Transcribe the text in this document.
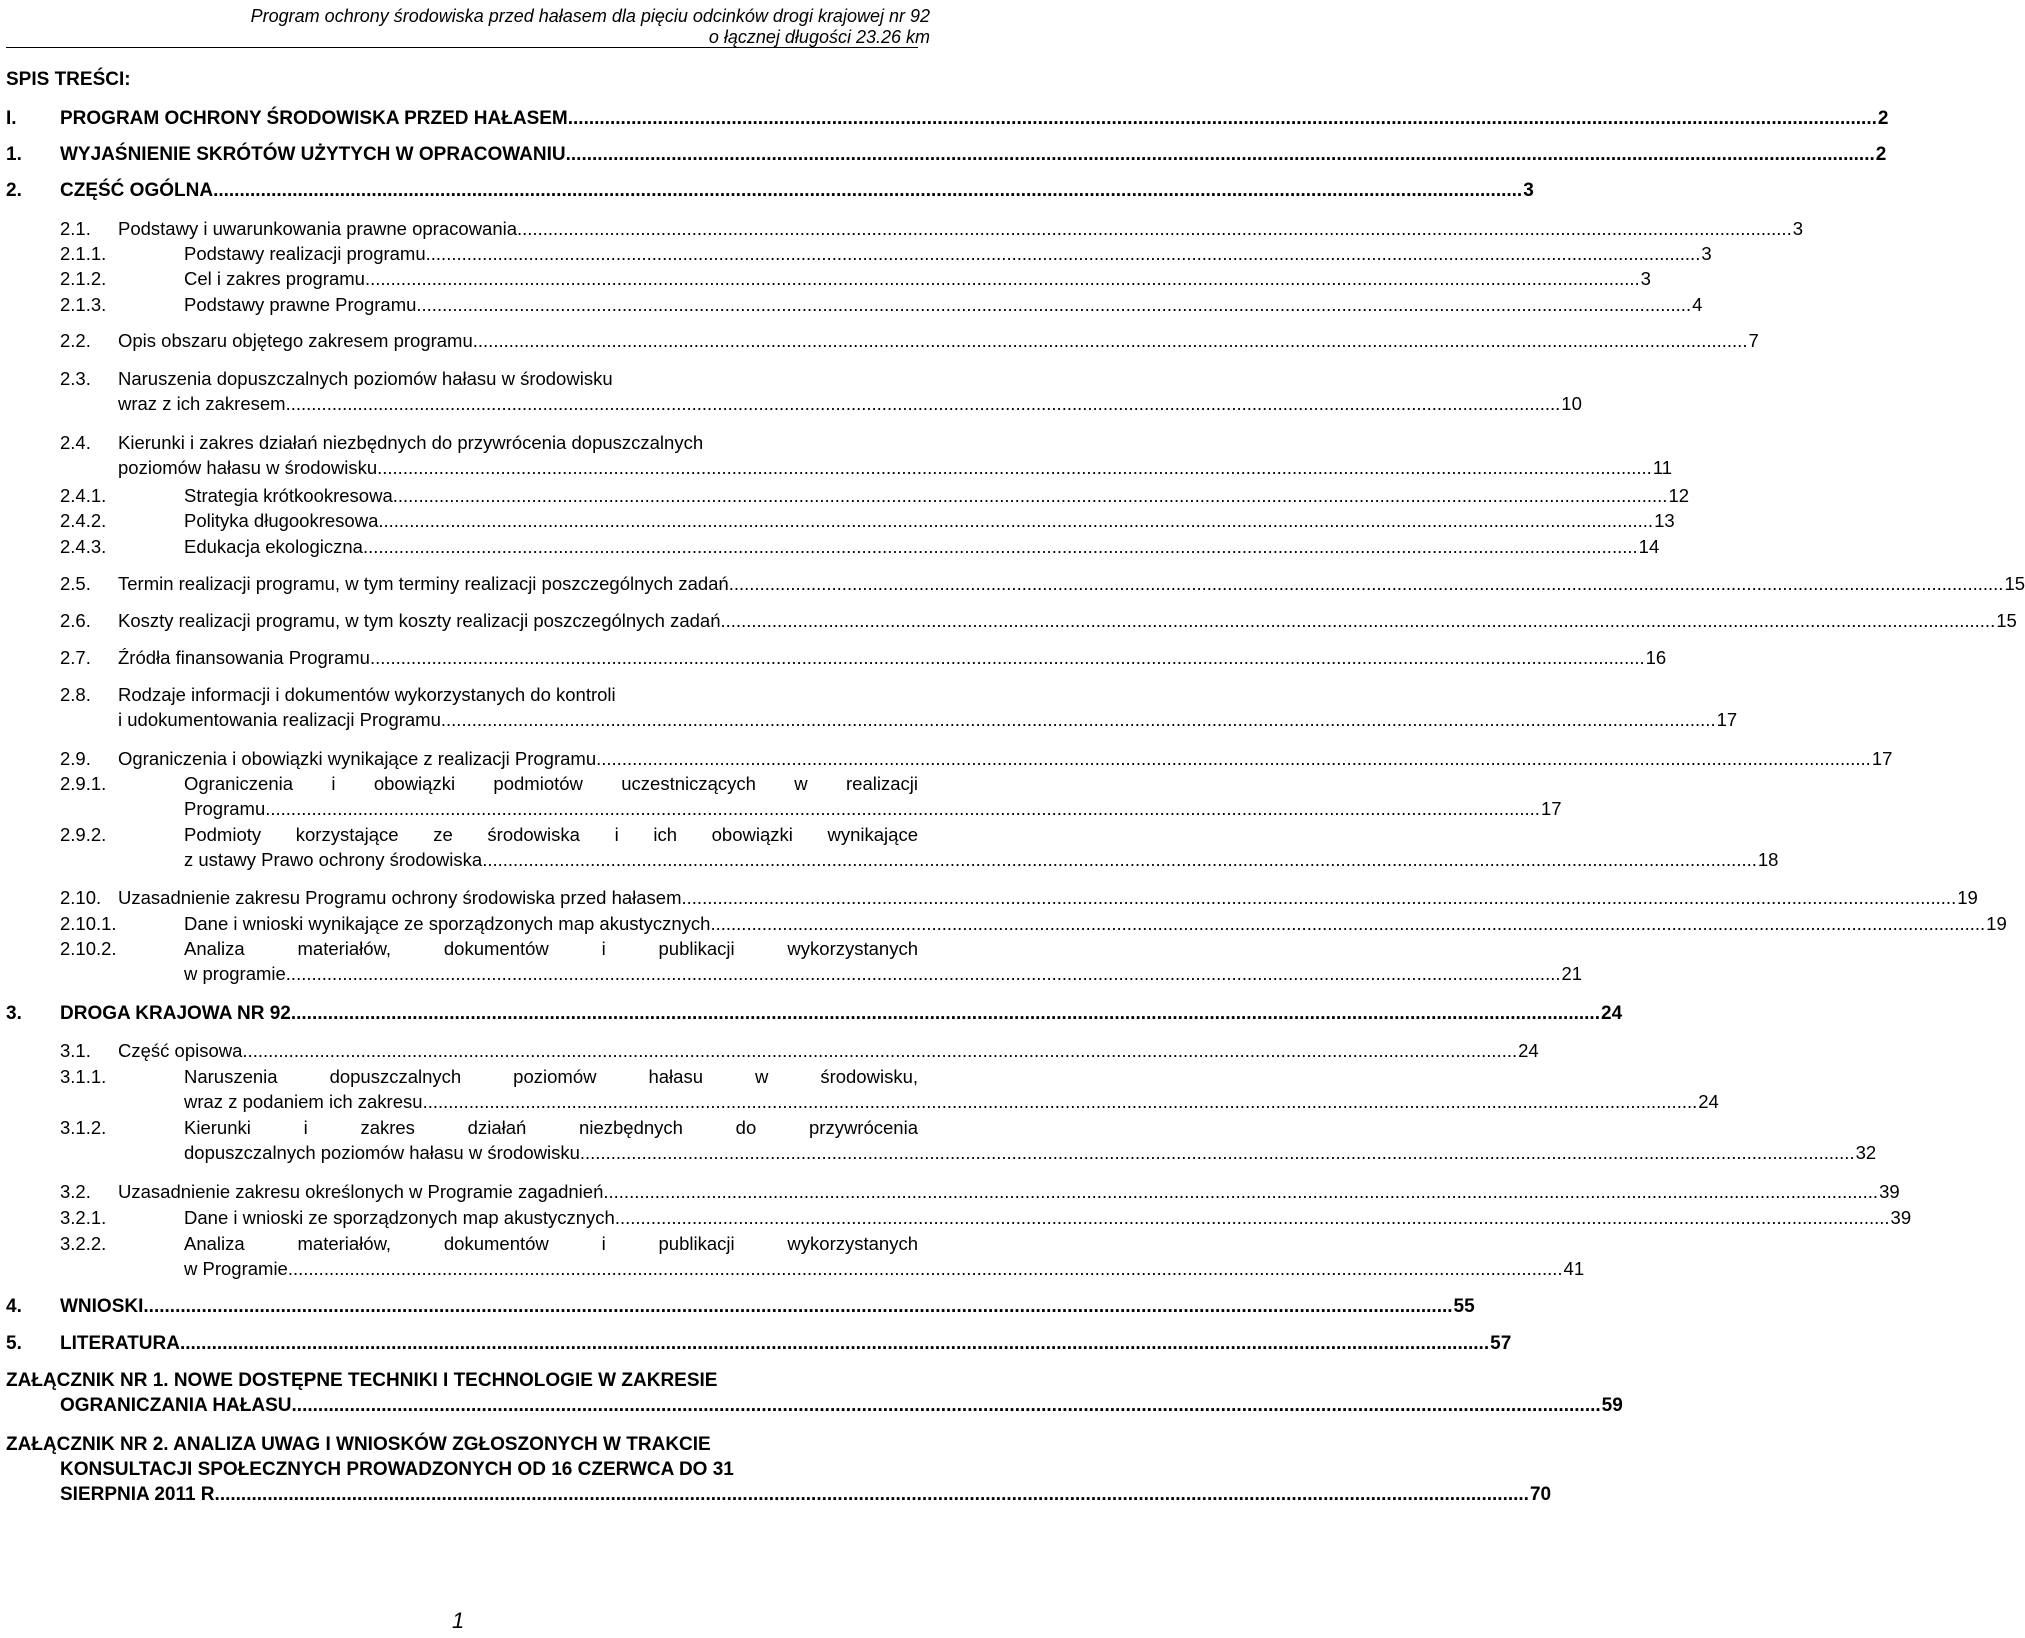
Program ochrony środowiska przed hałasem dla pięciu odcinków drogi krajowej nr 92
o łącznej długości 23.26 km
SPIS TREŚCI:
I. PROGRAM OCHRONY ŚRODOWISKA PRZED HAŁASEM .....	2
1. WYJAŚNIENIE SKRÓTÓW UŻYTYCH W OPRACOWANIU .....	2
2. CZĘŚĆ OGÓLNA .....	3
2.1. Podstawy i uwarunkowania prawne opracowania .....	3
2.1.1.	Podstawy realizacji programu .....	3
2.1.2.	Cel i zakres programu .....	3
2.1.3.	Podstawy prawne Programu .....	4
2.2. Opis obszaru objętego zakresem programu .....	7
2.3. Naruszenia dopuszczalnych poziomów hałasu w środowisku
wraz z ich zakresem .....	10
2.4. Kierunki i zakres działań niezbędnych do przywrócenia dopuszczalnych
poziomów hałasu w środowisku .....	11
2.4.1.	Strategia krótkookresowa .....	12
2.4.2.	Polityka długookresowa .....	13
2.4.3.	Edukacja ekologiczna .....	14
2.5. Termin realizacji programu, w tym terminy realizacji poszczególnych zadań .....	15
2.6. Koszty realizacji programu, w tym koszty realizacji poszczególnych zadań .....	15
2.7. Źródła finansowania Programu .....	16
2.8. Rodzaje informacji i dokumentów wykorzystanych do kontroli
i udokumentowania realizacji Programu .....	17
2.9. Ograniczenia i obowiązki wynikające z realizacji Programu .....	17
2.9.1.	Ograniczenia i obowiązki podmiotów uczestniczących w realizacji
Programu .....	17
2.9.2.	Podmioty korzystające ze środowiska i ich obowiązki wynikające
z ustawy Prawo ochrony środowiska .....	18
2.10. Uzasadnienie zakresu Programu ochrony środowiska przed hałasem .....	19
2.10.1.	Dane i wnioski wynikające ze sporządzonych map akustycznych .....	19
2.10.2.	Analiza materiałów, dokumentów i publikacji wykorzystanych
w programie .....	21
3. DROGA KRAJOWA NR 92 .....	24
3.1. Część opisowa .....	24
3.1.1.	Naruszenia dopuszczalnych poziomów hałasu w środowisku,
wraz z podaniem ich zakresu .....	24
3.1.2.	Kierunki i zakres działań niezbędnych do przywrócenia
dopuszczalnych poziomów hałasu w środowisku .....	32
3.2. Uzasadnienie zakresu określonych w Programie zagadnień .....	39
3.2.1.	Dane i wnioski ze sporządzonych map akustycznych .....	39
3.2.2.	Analiza materiałów, dokumentów i publikacji wykorzystanych
w Programie .....	41
4. WNIOSKI .....	55
5. LITERATURA .....	57
ZAŁĄCZNIK NR 1. NOWE DOSTĘPNE TECHNIKI I TECHNOLOGIE W ZAKRESIE
OGRANICZANIA HAŁASU .....	59
ZAŁĄCZNIK NR 2. ANALIZA UWAG I WNIOSKÓW ZGŁOSZONYCH W TRAKCIE
KONSULTACJI SPOŁECZNYCH PROWADZONYCH OD 16 CZERWCA DO 31
SIERPNIA 2011 R. .....	70
1
